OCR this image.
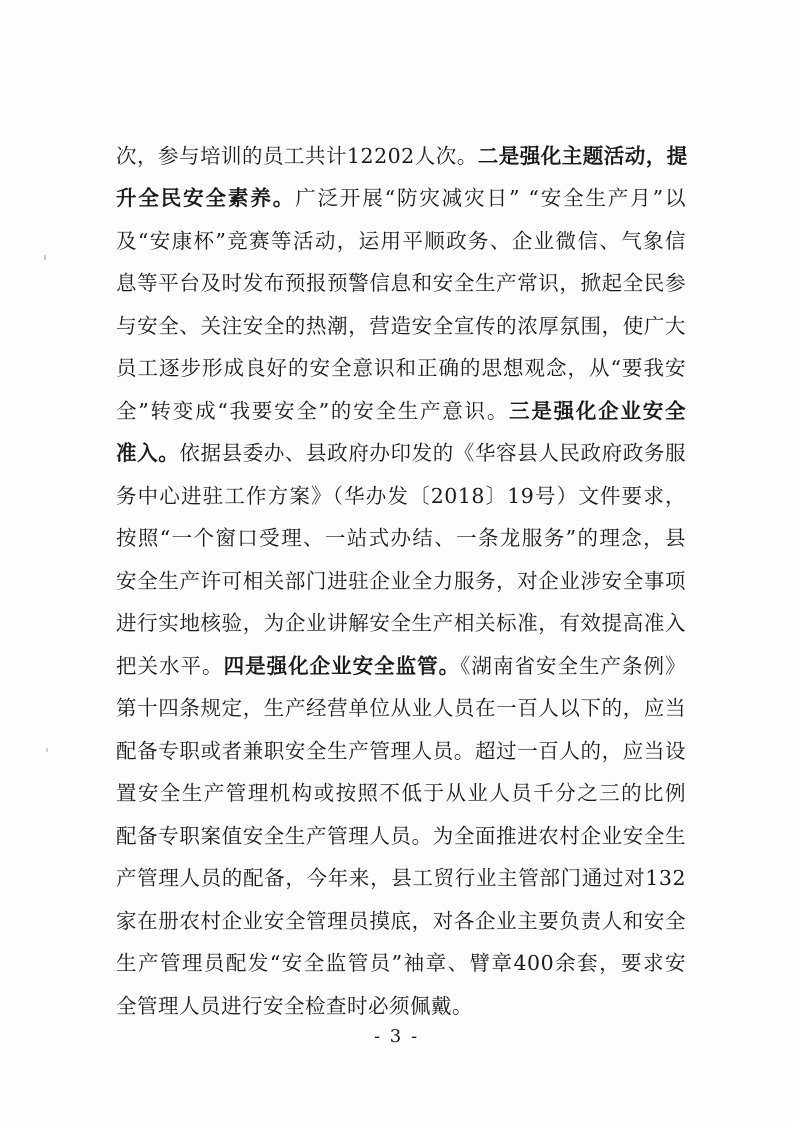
次，参与培训的员工共计12202人次。二是强化主题活动，提
升全民安全素养。广泛开展“防灾减灾日” “安全生产月”以
及“安康杯”竞赛等活动，运用平顺政务、企业微信、气象信
息等平台及时发布预报预警信息和安全生产常识，掀起全民参
与安全、关注安全的热潮，营造安全宣传的浓厚氛围，使广大
员工逐步形成良好的安全意识和正确的思想观念，从“要我安
全”转变成“我要安全”的安全生产意识。三是强化企业安全
准入。依据县委办、县政府办印发的《华容县人民政府政务服
务中心进驻工作方案》（华办发〔2018〕19号）文件要求，
按照“一个窗口受理、一站式办结、一条龙服务”的理念，县
安全生产许可相关部门进驻企业全力服务，对企业涉安全事项
进行实地核验，为企业讲解安全生产相关标准，有效提高准入
把关水平。四是强化企业安全监管。《湖南省安全生产条例》
第十四条规定，生产经营单位从业人员在一百人以下的，应当
配备专职或者兼职安全生产管理人员。超过一百人的，应当设
置安全生产管理机构或按照不低于从业人员千分之三的比例
配备专职案值安全生产管理人员。为全面推进农村企业安全生
产管理人员的配备，今年来，县工贸行业主管部门通过对132
家在册农村企业安全管理员摸底，对各企业主要负责人和安全
生产管理员配发“安全监管员”袖章、臂章400余套，要求安
全管理人员进行安全检查时必须佩戴。
- 3 -
